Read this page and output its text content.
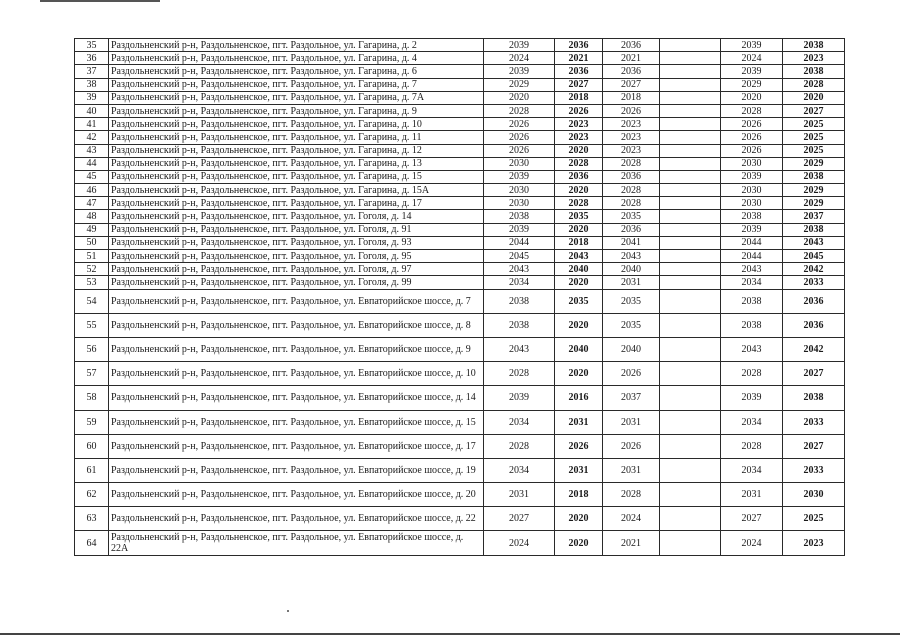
35	Раздольненский р-н, Раздольненское, пгт. Раздольное, ул. Гагарина, д. 2	2039	2036	2036		2039	2038
36	Раздольненский р-н, Раздольненское, пгт. Раздольное, ул. Гагарина, д. 4	2024	2021	2021		2024	2023
37	Раздольненский р-н, Раздольненское, пгт. Раздольное, ул. Гагарина, д. 6	2039	2036	2036		2039	2038
38	Раздольненский р-н, Раздольненское, пгт. Раздольное, ул. Гагарина, д. 7	2029	2027	2027		2029	2028
39	Раздольненский р-н, Раздольненское, пгт. Раздольное, ул. Гагарина, д. 7А	2020	2018	2018		2020	2020
40	Раздольненский р-н, Раздольненское, пгт. Раздольное, ул. Гагарина, д. 9	2028	2026	2026		2028	2027
41	Раздольненский р-н, Раздольненское, пгт. Раздольное, ул. Гагарина, д. 10	2026	2023	2023		2026	2025
42	Раздольненский р-н, Раздольненское, пгт. Раздольное, ул. Гагарина, д. 11	2026	2023	2023		2026	2025
43	Раздольненский р-н, Раздольненское, пгт. Раздольное, ул. Гагарина, д. 12	2026	2020	2023		2026	2025
44	Раздольненский р-н, Раздольненское, пгт. Раздольное, ул. Гагарина, д. 13	2030	2028	2028		2030	2029
45	Раздольненский р-н, Раздольненское, пгт. Раздольное, ул. Гагарина, д. 15	2039	2036	2036		2039	2038
46	Раздольненский р-н, Раздольненское, пгт. Раздольное, ул. Гагарина, д. 15А	2030	2020	2028		2030	2029
47	Раздольненский р-н, Раздольненское, пгт. Раздольное, ул. Гагарина, д. 17	2030	2028	2028		2030	2029
48	Раздольненский р-н, Раздольненское, пгт. Раздольное, ул. Гоголя, д. 14	2038	2035	2035		2038	2037
49	Раздольненский р-н, Раздольненское, пгт. Раздольное, ул. Гоголя, д. 91	2039	2020	2036		2039	2038
50	Раздольненский р-н, Раздольненское, пгт. Раздольное, ул. Гоголя, д. 93	2044	2018	2041		2044	2043
51	Раздольненский р-н, Раздольненское, пгт. Раздольное, ул. Гоголя, д. 95	2045	2043	2043		2044	2045
52	Раздольненский р-н, Раздольненское, пгт. Раздольное, ул. Гоголя, д. 97	2043	2040	2040		2043	2042
53	Раздольненский р-н, Раздольненское, пгт. Раздольное, ул. Гоголя, д. 99	2034	2020	2031		2034	2033
54	Раздольненский р-н, Раздольненское, пгт. Раздольное, ул. Евпаторийское шоссе, д. 7	2038	2035	2035		2038	2036
55	Раздольненский р-н, Раздольненское, пгт. Раздольное, ул. Евпаторийское шоссе, д. 8	2038	2020	2035		2038	2036
56	Раздольненский р-н, Раздольненское, пгт. Раздольное, ул. Евпаторийское шоссе, д. 9	2043	2040	2040		2043	2042
57	Раздольненский р-н, Раздольненское, пгт. Раздольное, ул. Евпаторийское шоссе, д. 10	2028	2020	2026		2028	2027
58	Раздольненский р-н, Раздольненское, пгт. Раздольное, ул. Евпаторийское шоссе, д. 14	2039	2016	2037		2039	2038
59	Раздольненский р-н, Раздольненское, пгт. Раздольное, ул. Евпаторийское шоссе, д. 15	2034	2031	2031		2034	2033
60	Раздольненский р-н, Раздольненское, пгт. Раздольное, ул. Евпаторийское шоссе, д. 17	2028	2026	2026		2028	2027
61	Раздольненский р-н, Раздольненское, пгт. Раздольное, ул. Евпаторийское шоссе, д. 19	2034	2031	2031		2034	2033
62	Раздольненский р-н, Раздольненское, пгт. Раздольное, ул. Евпаторийское шоссе, д. 20	2031	2018	2028		2031	2030
63	Раздольненский р-н, Раздольненское, пгт. Раздольное, ул. Евпаторийское шоссе, д. 22	2027	2020	2024		2027	2025
64	Раздольненский р-н, Раздольненское, пгт. Раздольное, ул. Евпаторийское шоссе, д. 22А	2024	2020	2021		2024	2023
